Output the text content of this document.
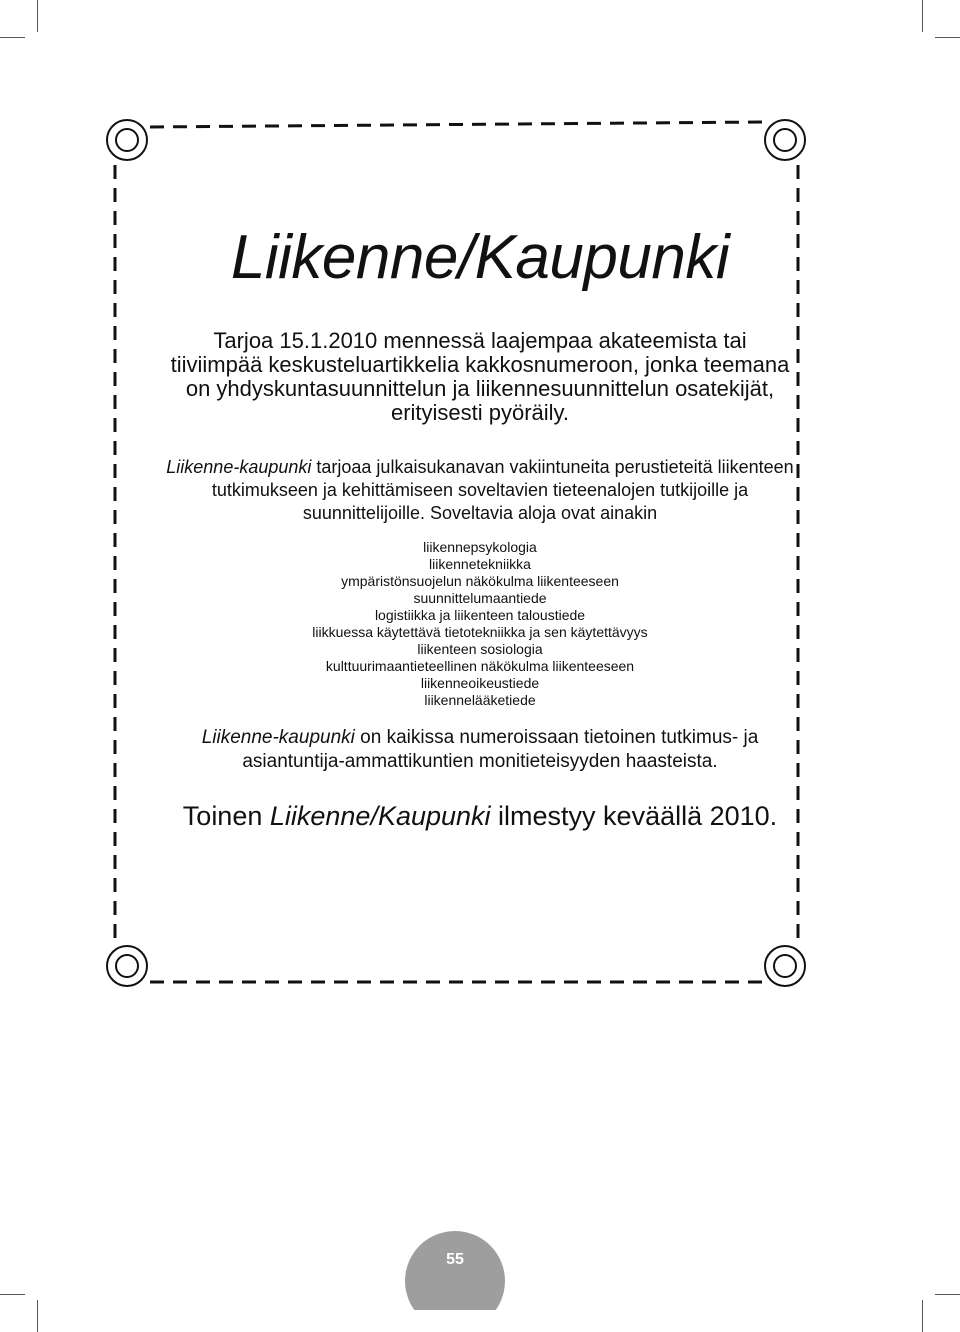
Liikenne/Kaupunki

Tarjoa 15.1.2010 mennessä laajempaa akateemista tai tiiviimpää keskusteluartikkelia kakkosnumeroon, jonka teemana on yhdyskuntasuunnittelun ja liikennesuunnittelun osatekijät, erityisesti pyöräily.

Liikenne-kaupunki tarjoaa julkaisukanavan vakiintuneita perustieteitä liikenteen tutkimukseen ja kehittämiseen soveltavien tieteenalojen tutkijoille ja suunnittelijoille. Soveltavia aloja ovat ainakin

liikennepsykologia
liikennetekniikka
ympäristönsuojelun näkökulma liikenteeseen
suunnittelumaantiede
logistiikka ja liikenteen taloustiede
liikkuessa käytettävä tietotekniikka ja sen käytettävyys
liikenteen sosiologia
kulttuurimaantieteellinen näkökulma liikenteeseen
liikenneoikeustiede
liikennelääketiede

Liikenne-kaupunki on kaikissa numeroissaan tietoinen tutkimus- ja asiantuntija-ammattikuntien monitieteisyyden haasteista.

Toinen Liikenne/Kaupunki ilmestyy keväällä 2010.

55
